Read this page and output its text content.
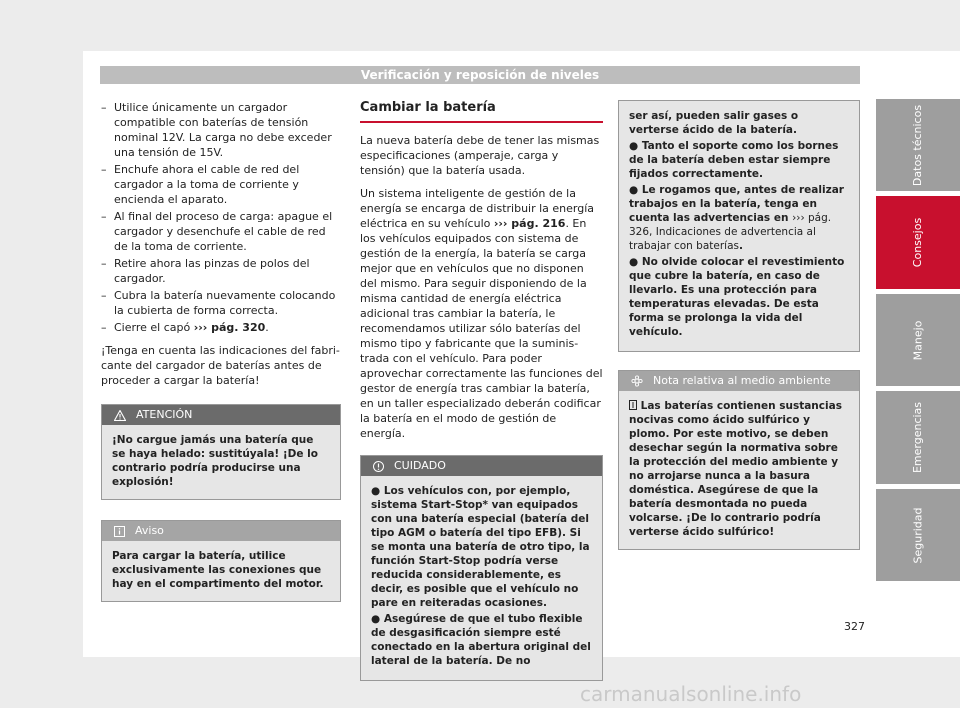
Verificación y reposición de niveles
– Utilice únicamente un cargador compatible con baterías de tensión nominal 12V. La carga no debe exceder una tensión de 15V.
– Enchufe ahora el cable de red del cargador a la toma de corriente y encienda el aparato.
– Al final del proceso de carga: apague el cargador y desenchufe el cable de red de la toma de corriente.
– Retire ahora las pinzas de polos del cargador.
– Cubra la batería nuevamente colocando la cubierta de forma correcta.
– Cierre el capó ››› pág. 320.

¡Tenga en cuenta las indicaciones del fabricante del cargador de baterías antes de proceder a cargar la batería!

ATENCIÓN
¡No cargue jamás una batería que se haya helado: sustitúyala! ¡De lo contrario podría producirse una explosión!
Aviso
Para cargar la batería, utilice exclusivamente las conexiones que hay en el compartimento del motor.
Cambiar la batería

La nueva batería debe de tener las mismas especificaciones (amperaje, carga y tensión) que la batería usada.

Un sistema inteligente de gestión de la energía se encarga de distribuir la energía eléctrica en su vehículo ››› pág. 216. En los vehículos equipados con sistema de gestión de la energía, la batería se carga mejor que en vehículos que no disponen del mismo. Para seguir disponiendo de la misma cantidad de energía eléctrica adicional tras cambiar la batería, le recomendamos utilizar sólo baterías del mismo tipo y fabricante que la suministrada con el vehículo. Para poder aprovechar correctamente las funciones del gestor de energía tras cambiar la batería, en un taller especializado deberán codificar la batería en el modo de gestión de energía.

CUIDADO

● Los vehículos con, por ejemplo, sistema Start-Stop* van equipados con una batería especial (batería del tipo AGM o batería del tipo EFB). Si se monta una batería de otro tipo, la función Start-Stop podría verse reducida considerablemente, es decir, es posible que el vehículo no pare en reiteradas ocasiones.

● Asegúrese de que el tubo flexible de desgasificación siempre esté conectado en la abertura original del lateral de la batería. De no

ser así, pueden salir gases o verterse ácido de la batería.

● Tanto el soporte como los bornes de la batería deben estar siempre fijados correctamente.

● Le rogamos que, antes de realizar trabajos en la batería, tenga en cuenta las advertencias en ››› pág. 326, Indicaciones de advertencia al trabajar con baterías.

● No olvide colocar el revestimiento que cubre la batería, en caso de llevarlo. Es una protección para temperaturas elevadas. De esta forma se prolonga la vida del vehículo.

Nota relativa al medio ambiente
Las baterías contienen sustancias nocivas como ácido sulfúrico y plomo. Por este motivo, se deben desechar según la normativa sobre la protección del medio ambiente y no arrojarse nunca a la basura doméstica. Asegúrese de que la batería desmontada no pueda volcarse. ¡De lo contrario podría verterse ácido sulfúrico!
Datos técnicos
Consejos
Manejo
Emergencias
Seguridad
327
carmanualsonline.info
